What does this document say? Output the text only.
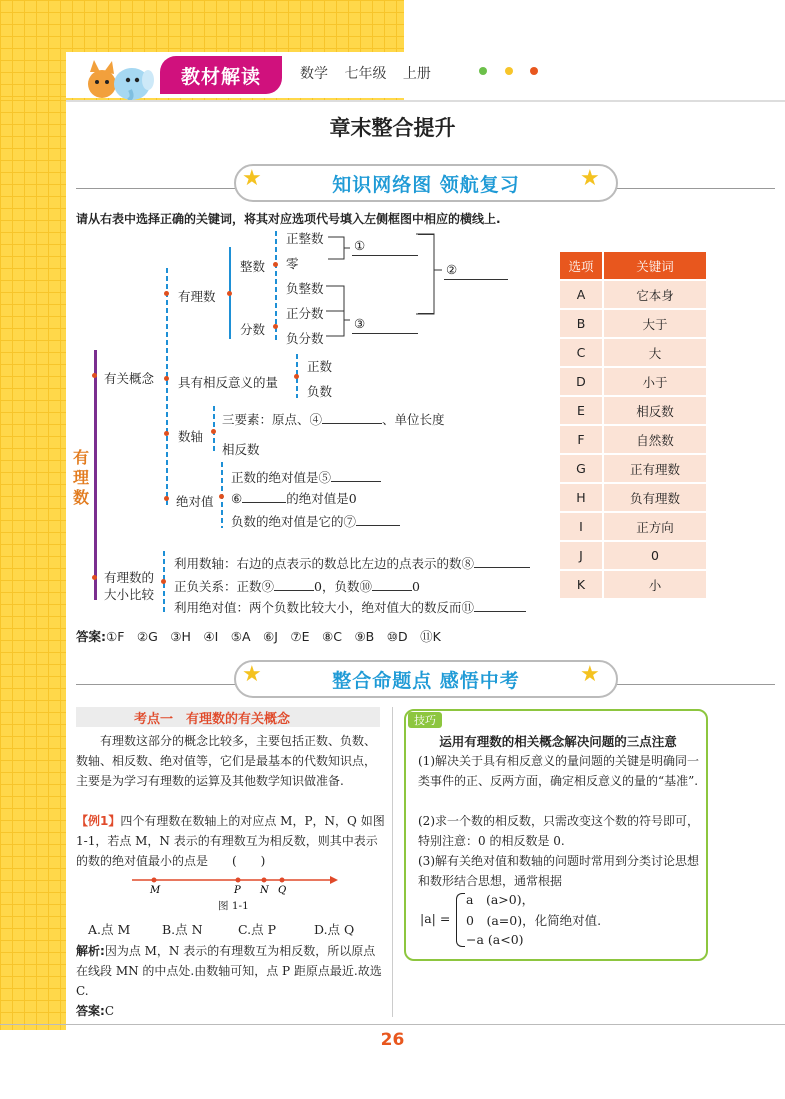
教材解读	数学 七年级 上册
章末整合提升
知识网络图 领航复习
★	★
请从右表中选择正确的关键词，将其对应选项代号填入左侧框图中相应的横线上.
有理数
有关概念
有理数
整数
分数
正整数
零
负整数
正分数
负分数
①
③
②
具有相反意义的量
正数
负数
数轴
三要素：原点、④	、单位长度
相反数
绝对值
正数的绝对值是⑤
⑥	的绝对值是0
负数的绝对值是它的⑦
有理数的
大小比较
利用数轴：右边的点表示的数总比左边的点表示的数⑧
正负关系：正数⑨	0，负数⑩	0
利用绝对值：两个负数比较大小，绝对值大的数反而⑪
选项	关键词
A	它本身
B	大于
C	大
D	小于
E	相反数
F	自然数
G	正有理数
H	负有理数
I	正方向
J	0
K	小
答案:①F　②G　③H　④I　⑤A　⑥J　⑦E　⑧C　⑨B　⑩D　⑪K
整合命题点 感悟中考
★	★
考点一　有理数的有关概念
有理数这部分的概念比较多，主要包括正数、负数、数轴、相反数、绝对值等，它们是最基本的代数知识点，主要是为学习有理数的运算及其他数学知识做准备.
【例1】四个有理数在数轴上的对应点 M，P，N，Q 如图1-1，若点 M，N 表示的有理数互为相反数，则其中表示的数的绝对值最小的点是　　(　　)
M	P N Q
图 1-1
A.点 M	B.点 N	C.点 P	D.点 Q
解析:因为点 M，N 表示的有理数互为相反数，所以原点在线段 MN 的中点处.由数轴可知，点 P 距原点最近.故选 C.
答案:C
技巧
运用有理数的相关概念解决问题的三点注意
(1)解决关于具有相反意义的量问题的关键是明确同一类事件的正、反两方面，确定相反意义的量的“基准”.
(2)求一个数的相反数，只需改变这个数的符号即可，特别注意：0 的相反数是 0.
(3)解有关绝对值和数轴的问题时常用到分类讨论思想和数形结合思想，通常根据
|a| =
a　(a>0)，
0　(a=0)，化简绝对值.
−a (a<0)
26
